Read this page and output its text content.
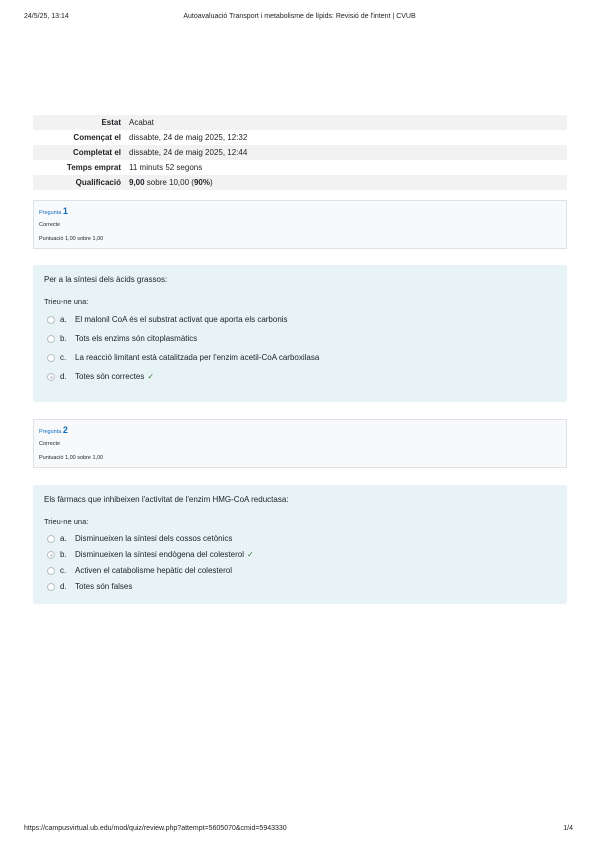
24/5/25, 13:14	Autoavaluació Transport i metabolisme de lípids: Revisió de l'intent | CVUB
Estat	Acabat
Començat el	dissabte, 24 de maig 2025, 12:32
Completat el	dissabte, 24 de maig 2025, 12:44
Temps emprat	11 minuts 52 segons
Qualificació	9,00 sobre 10,00 (90%)
Pregunta 1
Correcte
Puntuació 1,00 sobre 1,00
Per a la síntesi dels àcids grassos:
Trieu-ne una:
a. El malonil CoA és el substrat activat que aporta els carbonis
b. Tots els enzims són citoplasmàtics
c. La reacció limitant està catalitzada per l'enzim acetil-CoA carboxilasa
d. Totes són correctes ✓
Pregunta 2
Correcte
Puntuació 1,00 sobre 1,00
Els fàrmacs que inhibeixen l'activitat de l'enzim HMG-CoA reductasa:
Trieu-ne una:
a. Disminueixen la síntesi dels cossos cetònics
b. Disminueixen la síntesi endògena del colesterol ✓
c. Activen el catabolisme hepàtic del colesterol
d. Totes són falses
https://campusvirtual.ub.edu/mod/quiz/review.php?attempt=5605070&cmid=5943330	1/4
